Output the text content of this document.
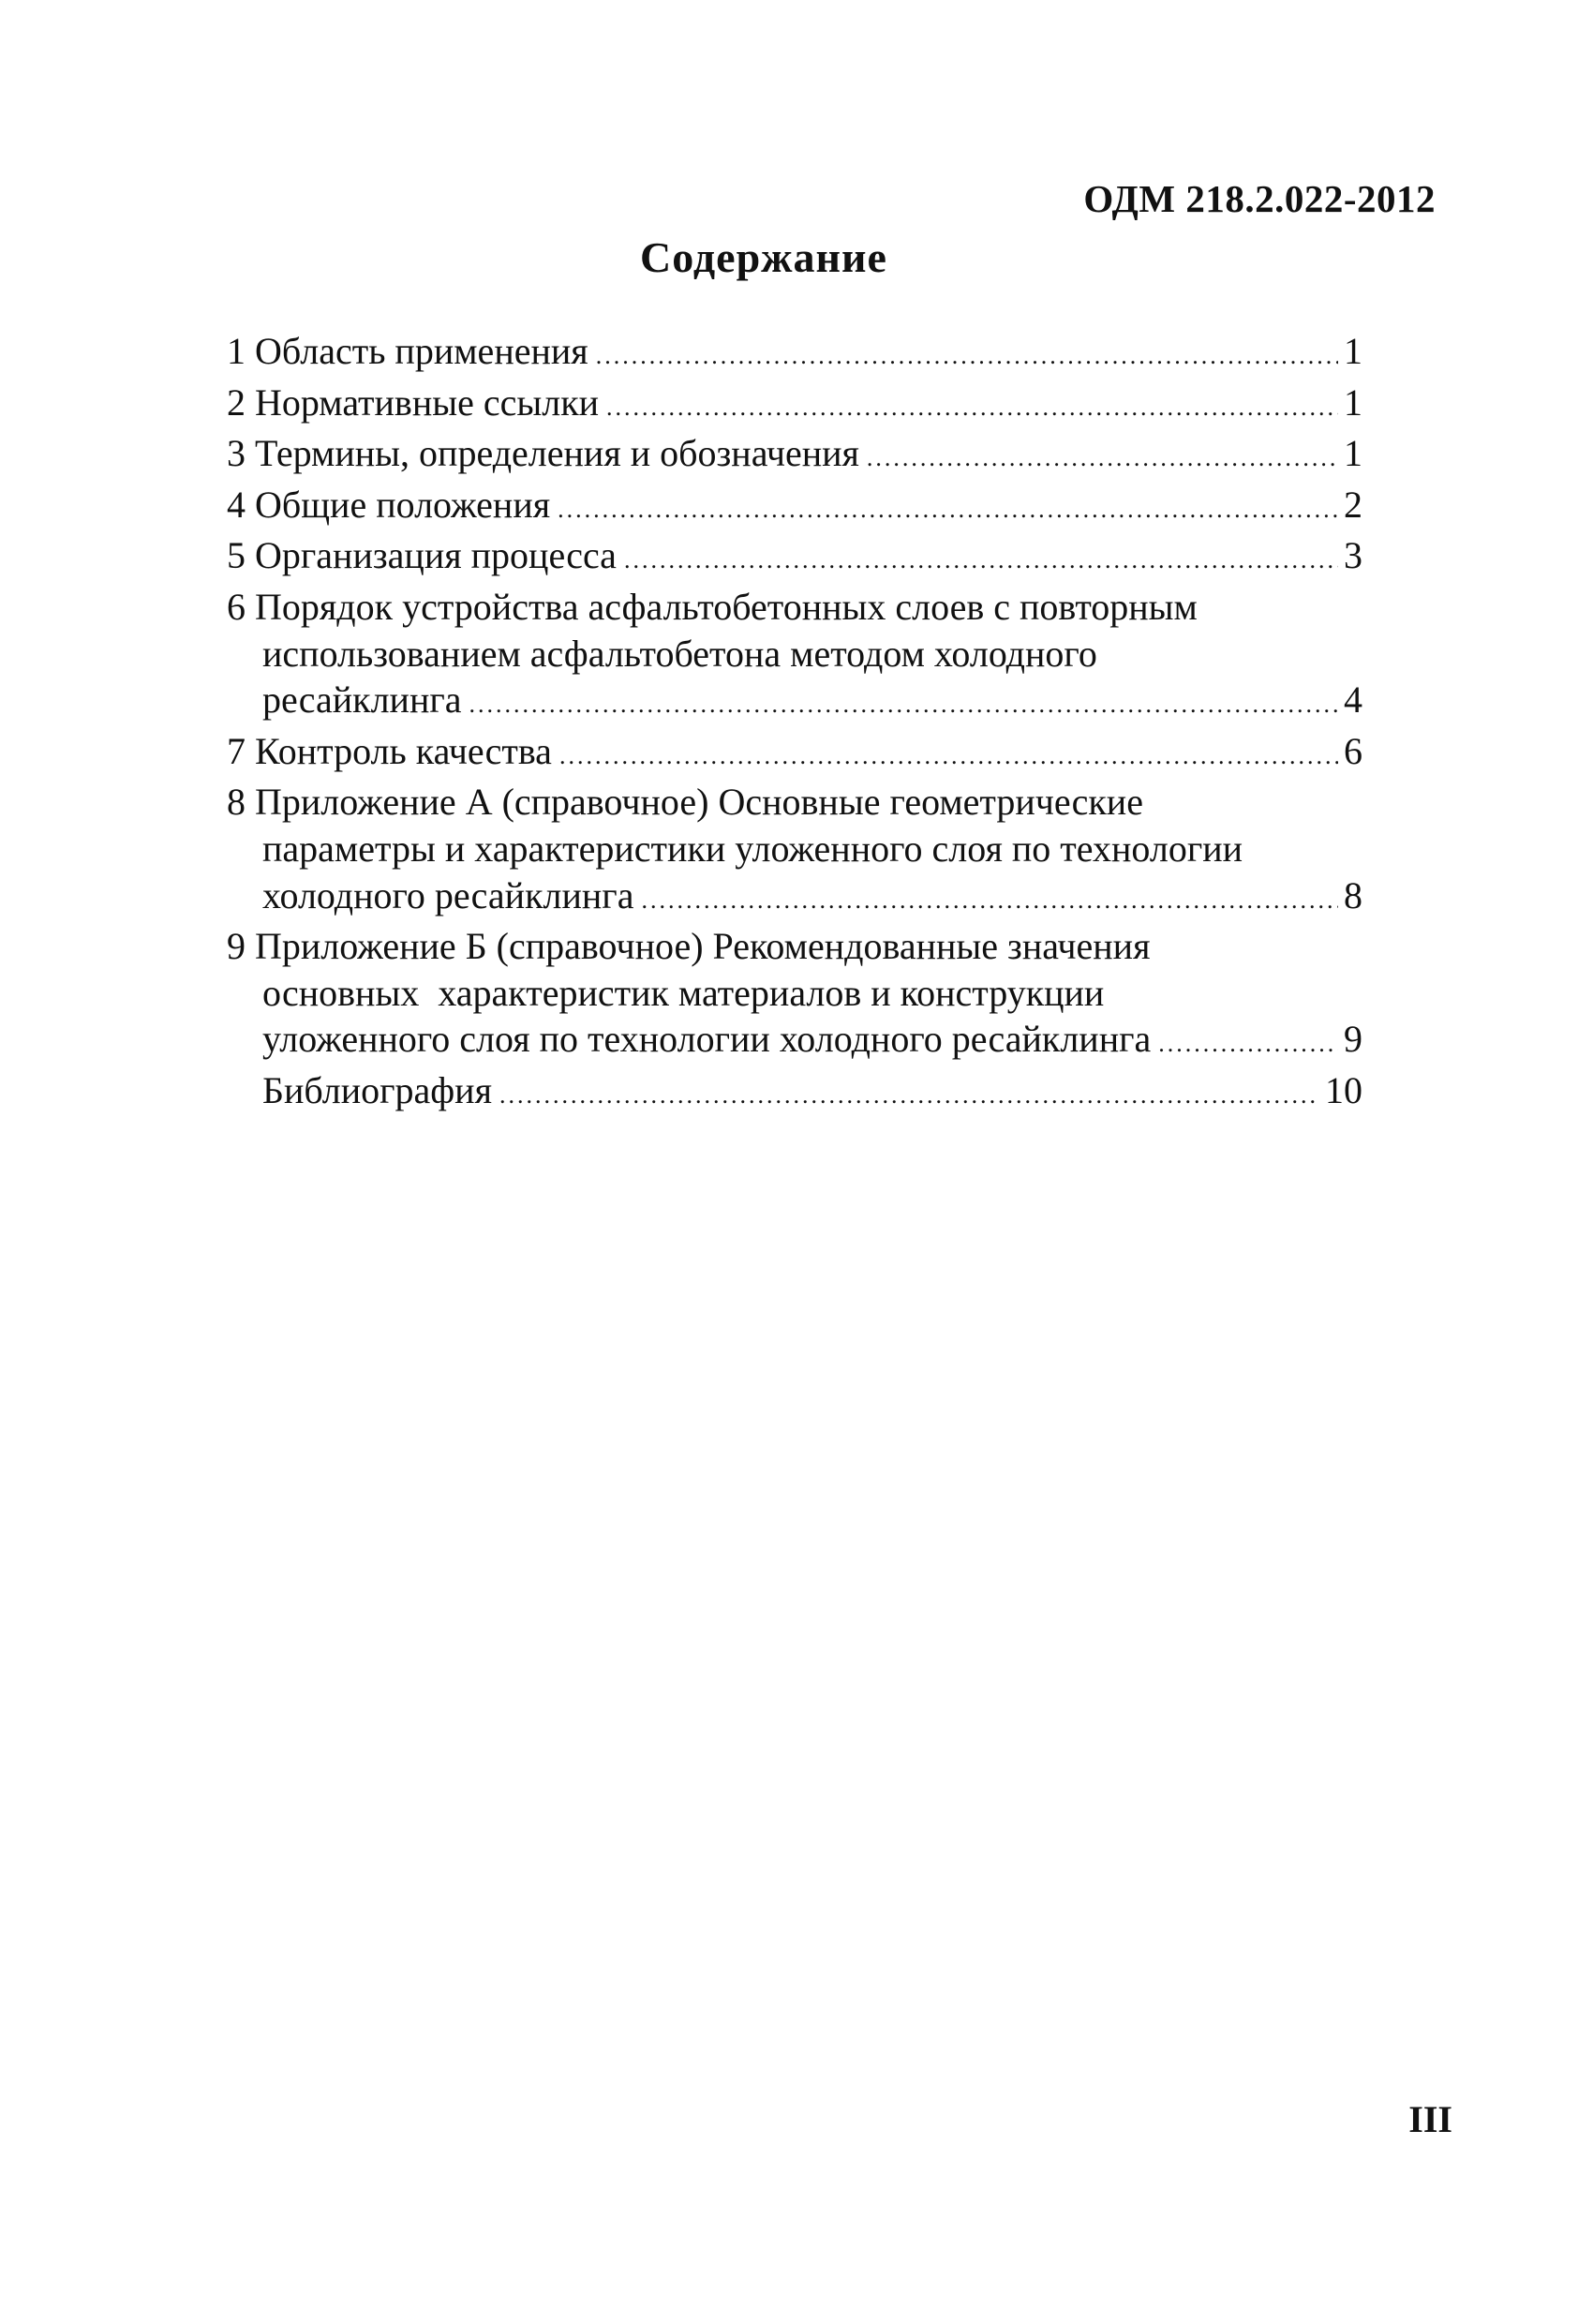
ОДМ 218.2.022-2012
Содержание
1 Область применения .....	1
2 Нормативные ссылки .....	1
3 Термины, определения и обозначения .....	1
4 Общие положения .....	2
5 Организация процесса .....	3
6 Порядок устройства асфальтобетонных слоев с повторным
использованием асфальтобетона методом холодного
ресайклинга .....	4
7 Контроль качества .....	6
8 Приложение А (справочное) Основные геометрические
параметры и характеристики уложенного слоя по технологии
холодного ресайклинга .....	8
9 Приложение Б (справочное) Рекомендованные значения
основных  характеристик материалов и конструкции
уложенного слоя по технологии холодного ресайклинга .....	9
Библиография .....	10
III
